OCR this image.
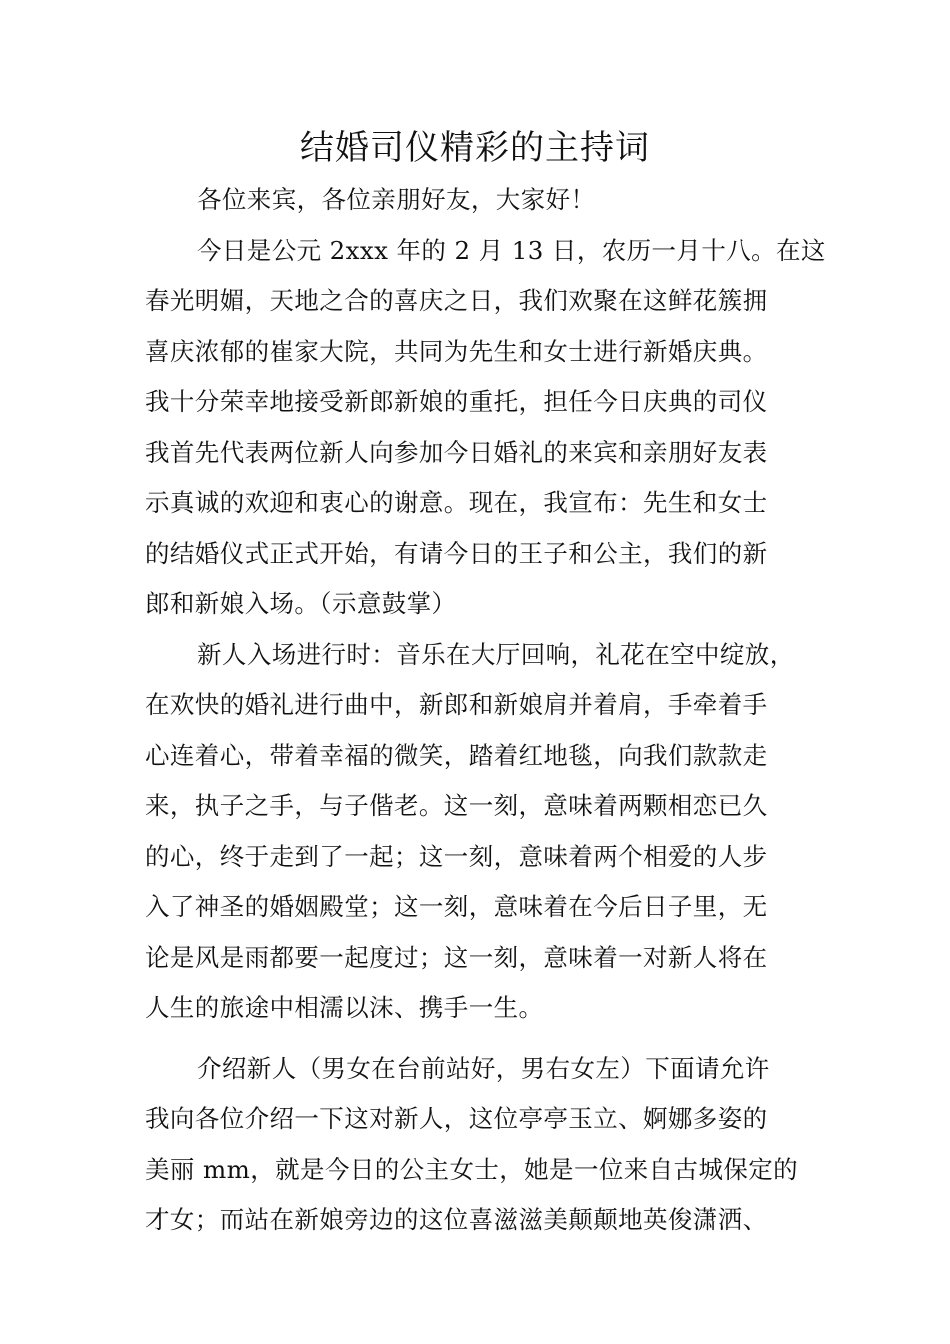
结婚司仪精彩的主持词
各位来宾，各位亲朋好友，大家好！
今日是公元 2xxx 年的 2 月 13 日，农历一月十八。在这
春光明媚，天地之合的喜庆之日，我们欢聚在这鲜花簇拥
喜庆浓郁的崔家大院，共同为先生和女士进行新婚庆典。
我十分荣幸地接受新郎新娘的重托，担任今日庆典的司仪
我首先代表两位新人向参加今日婚礼的来宾和亲朋好友表
示真诚的欢迎和衷心的谢意。现在，我宣布：先生和女士
的结婚仪式正式开始，有请今日的王子和公主，我们的新
郎和新娘入场。（示意鼓掌）
新人入场进行时：音乐在大厅回响，礼花在空中绽放，
在欢快的婚礼进行曲中，新郎和新娘肩并着肩，手牵着手
心连着心，带着幸福的微笑，踏着红地毯，向我们款款走
来，执子之手，与子偕老。这一刻，意味着两颗相恋已久
的心，终于走到了一起；这一刻，意味着两个相爱的人步
入了神圣的婚姻殿堂；这一刻，意味着在今后日子里，无
论是风是雨都要一起度过；这一刻，意味着一对新人将在
人生的旅途中相濡以沫、携手一生。
介绍新人（男女在台前站好，男右女左）下面请允许
我向各位介绍一下这对新人，这位亭亭玉立、婀娜多姿的
美丽 mm，就是今日的公主女士，她是一位来自古城保定的
才女；而站在新娘旁边的这位喜滋滋美颠颠地英俊潇洒、
